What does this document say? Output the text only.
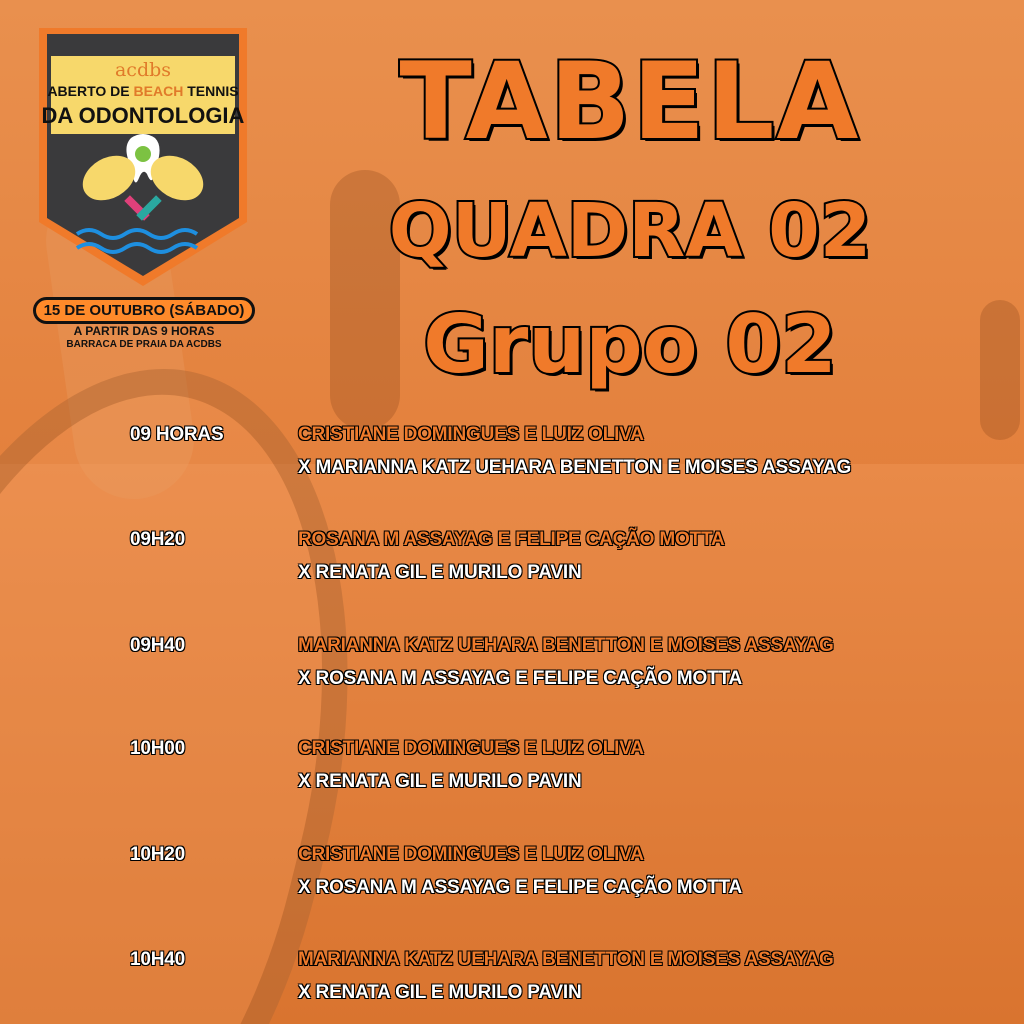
acdbs
ABERTO DE BEACH TENNIS
DA ODONTOLOGIA
15 DE OUTUBRO (SÁBADO)
A PARTIR DAS 9 HORAS
BARRACA DE PRAIA DA ACDBS
TABELA
QUADRA 02
Grupo 02
09 HORAS	CRISTIANE DOMINGUES E LUIZ OLIVA
X MARIANNA KATZ UEHARA BENETTON E MOISES ASSAYAG
09H20	ROSANA M ASSAYAG E FELIPE CAÇÃO MOTTA
X RENATA GIL E MURILO PAVIN
09H40	MARIANNA KATZ UEHARA BENETTON E MOISES ASSAYAG
X ROSANA M ASSAYAG E FELIPE CAÇÃO MOTTA
10H00	CRISTIANE DOMINGUES E LUIZ OLIVA
X RENATA GIL E MURILO PAVIN
10H20	CRISTIANE DOMINGUES E LUIZ OLIVA
X ROSANA M ASSAYAG E FELIPE CAÇÃO MOTTA
10H40	MARIANNA KATZ UEHARA BENETTON E MOISES ASSAYAG
X RENATA GIL E MURILO PAVIN
